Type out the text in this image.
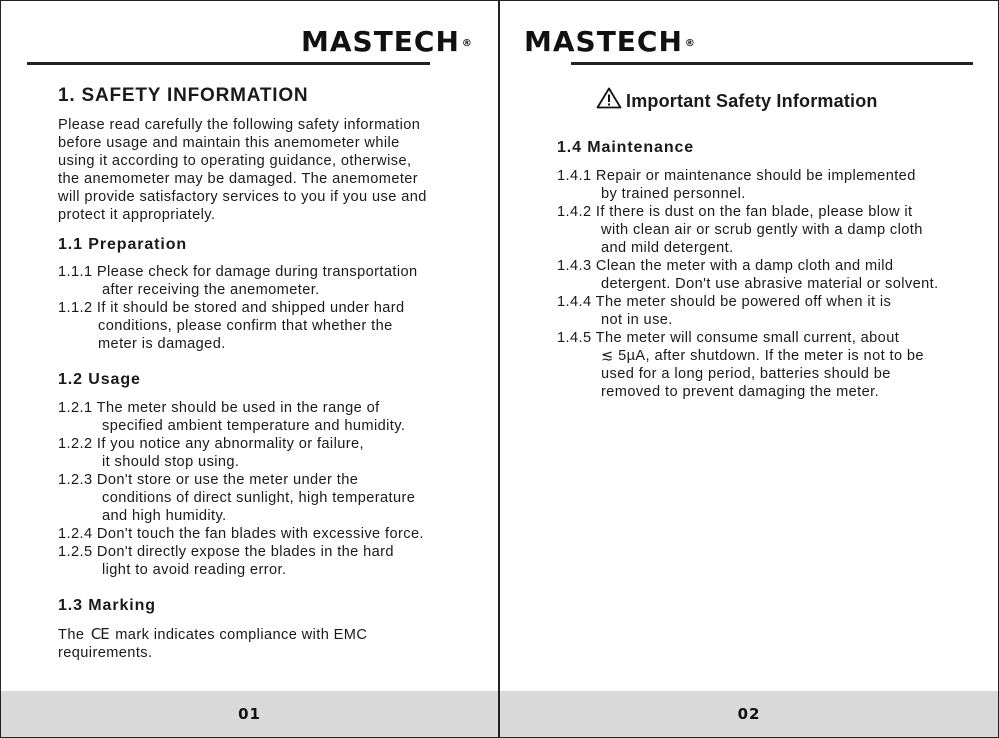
MASTECH ®

1. SAFETY INFORMATION

Please read carefully the following safety information

before usage and maintain this anemometer while

using it according to operating guidance, otherwise,

the anemometer may be damaged. The anemometer

will provide satisfactory services to you if you use and

protect it appropriately.

1.1 Preparation

1.1.1 Please check for damage during transportation

after receiving the anemometer.

1.1.2 If it should be stored and shipped under hard

conditions, please confirm that whether the

meter is damaged.

1.2 Usage

1.2.1 The meter should be used in the range of

specified ambient temperature and humidity.

1.2.2 If you notice any abnormality or failure,

it should stop using.

1.2.3 Don't store or use the meter under the

conditions of direct sunlight, high temperature

and high humidity.

1.2.4 Don't touch the fan blades with excessive force.

1.2.5 Don't directly expose the blades in the hard

light to avoid reading error.

1.3 Marking

The CE mark indicates compliance with EMC

requirements.

01
MASTECH ®
Important Safety Information

1.4 Maintenance

1.4.1 Repair or maintenance should be implemented

by trained personnel.

1.4.2 If there is dust on the fan blade, please blow it

with clean air or scrub gently with a damp cloth

and mild detergent.

1.4.3 Clean the meter with a damp cloth and mild

detergent. Don't use abrasive material or solvent.

1.4.4 The meter should be powered off when it is

not in use.

1.4.5 The meter will consume small current, about

≲ 5µA, after shutdown. If the meter is not to be

used for a long period, batteries should be

removed to prevent damaging the meter.

02
